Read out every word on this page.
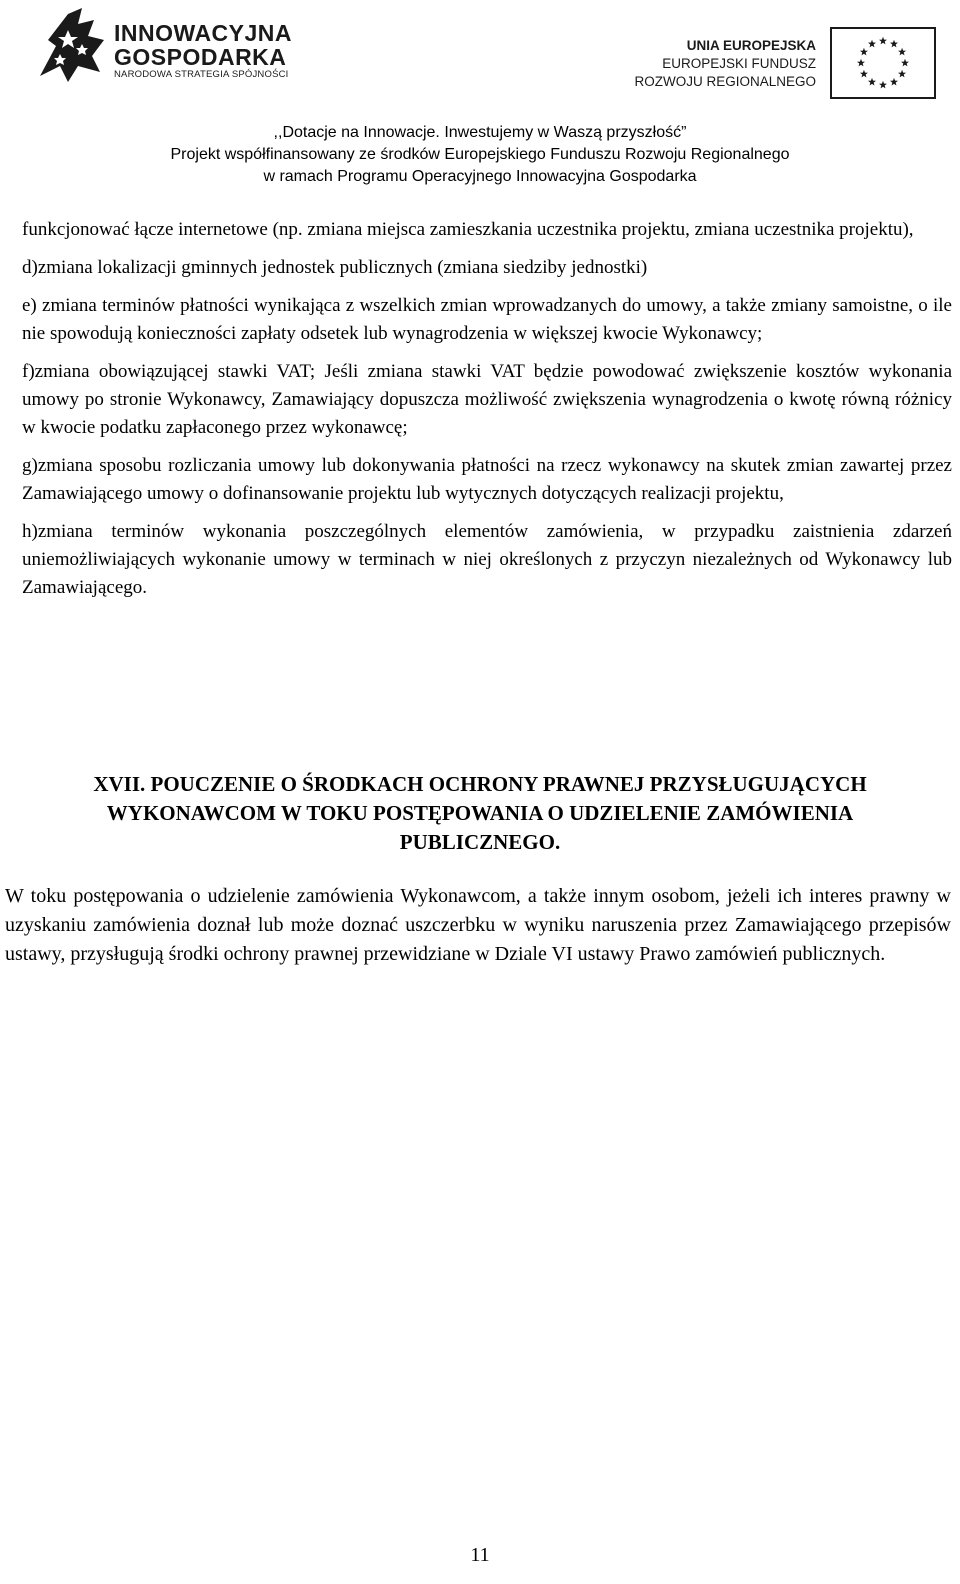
INNOWACYJNA
GOSPODARKA
NARODOWA STRATEGIA SPÓJNOŚCI
UNIA EUROPEJSKA
EUROPEJSKI FUNDUSZ
ROZWOJU REGIONALNEGO
,,Dotacje na Innowacje. Inwestujemy w Waszą przyszłość”
Projekt współfinansowany ze środków Europejskiego Funduszu Rozwoju Regionalnego
w ramach Programu Operacyjnego Innowacyjna Gospodarka

funkcjonować łącze internetowe (np. zmiana miejsca zamieszkania uczestnika projektu, zmiana uczestnika projektu),

d)zmiana lokalizacji gminnych jednostek publicznych (zmiana siedziby jednostki)

e) zmiana terminów płatności wynikająca z wszelkich zmian wprowadzanych do umowy, a także zmiany samoistne, o ile nie spowodują konieczności zapłaty odsetek lub wynagrodzenia w większej kwocie Wykonawcy;

f)zmiana obowiązującej stawki VAT; Jeśli zmiana stawki VAT będzie powodować zwiększenie kosztów wykonania umowy po stronie Wykonawcy, Zamawiający dopuszcza możliwość zwiększenia wynagrodzenia o kwotę równą różnicy w kwocie podatku zapłaconego przez wykonawcę;

g)zmiana sposobu rozliczania umowy lub dokonywania płatności na rzecz wykonawcy na skutek zmian zawartej przez Zamawiającego umowy o dofinansowanie projektu lub wytycznych dotyczących realizacji projektu,

h)zmiana terminów wykonania poszczególnych elementów zamówienia, w przypadku zaistnienia zdarzeń uniemożliwiających wykonanie umowy w terminach w niej określonych z przyczyn niezależnych od Wykonawcy lub Zamawiającego.

XVII. POUCZENIE O ŚRODKACH OCHRONY PRAWNEJ PRZYSŁUGUJĄCYCH
WYKONAWCOM W TOKU POSTĘPOWANIA O UDZIELENIE ZAMÓWIENIA
PUBLICZNEGO.

W toku postępowania o udzielenie zamówienia Wykonawcom, a także innym osobom, jeżeli ich interes prawny w uzyskaniu zamówienia doznał lub może doznać uszczerbku w wyniku naruszenia przez Zamawiającego przepisów ustawy, przysługują środki ochrony prawnej przewidziane w Dziale VI ustawy Prawo zamówień publicznych.

11
